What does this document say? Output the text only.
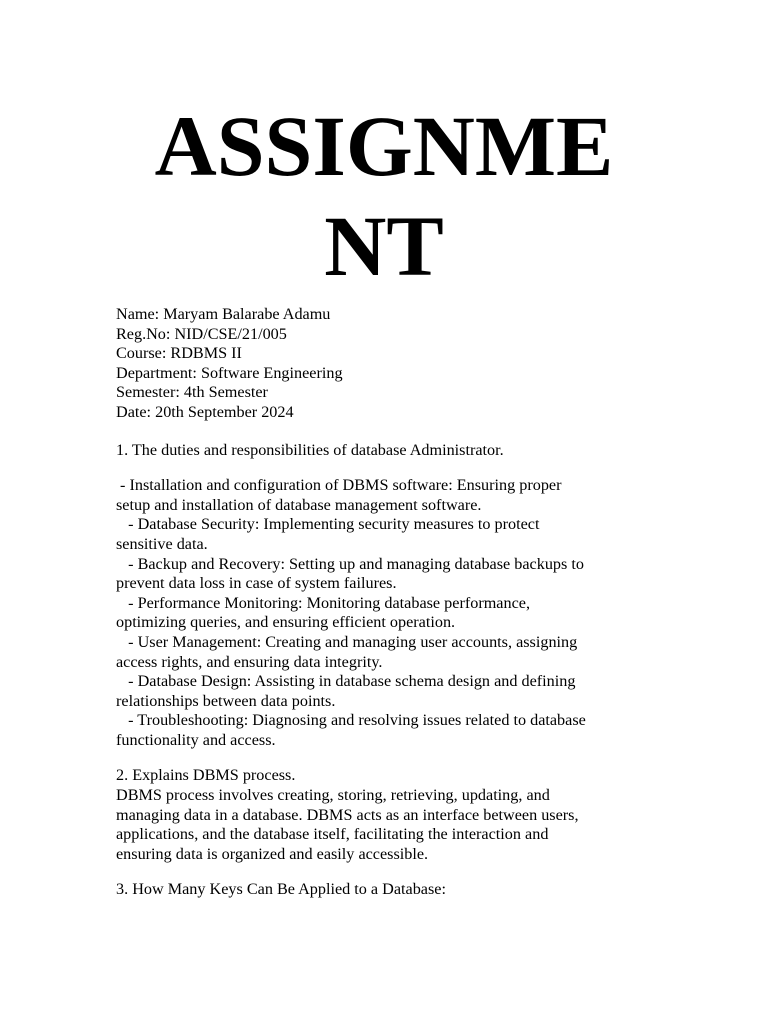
ASSIGNME
NT
Name: Maryam Balarabe Adamu
Reg.No: NID/CSE/21/005
Course: RDBMS II
Department: Software Engineering
Semester: 4th Semester
Date: 20th September 2024
1. The duties and responsibilities of database Administrator.
- Installation and configuration of DBMS software: Ensuring proper
setup and installation of database management software.
- Database Security: Implementing security measures to protect
sensitive data.
- Backup and Recovery: Setting up and managing database backups to
prevent data loss in case of system failures.
- Performance Monitoring: Monitoring database performance,
optimizing queries, and ensuring efficient operation.
- User Management: Creating and managing user accounts, assigning
access rights, and ensuring data integrity.
- Database Design: Assisting in database schema design and defining
relationships between data points.
- Troubleshooting: Diagnosing and resolving issues related to database
functionality and access.
2. Explains DBMS process.
DBMS process involves creating, storing, retrieving, updating, and
managing data in a database. DBMS acts as an interface between users,
applications, and the database itself, facilitating the interaction and
ensuring data is organized and easily accessible.
3. How Many Keys Can Be Applied to a Database:
